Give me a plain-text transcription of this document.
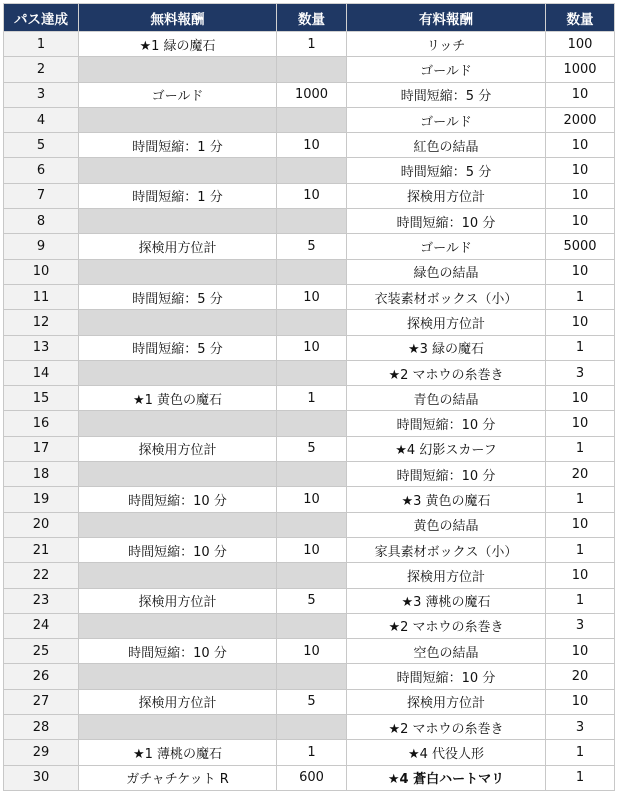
パス達成	無料報酬	数量	有料報酬	数量
1	★1 緑の魔石	1	リッチ	100
2			ゴールド	1000
3	ゴールド	1000	時間短縮：5 分	10
4			ゴールド	2000
5	時間短縮：1 分	10	紅色の結晶	10
6			時間短縮：5 分	10
7	時間短縮：1 分	10	探検用方位計	10
8			時間短縮：10 分	10
9	探検用方位計	5	ゴールド	5000
10			緑色の結晶	10
11	時間短縮：5 分	10	衣装素材ボックス（小）	1
12			探検用方位計	10
13	時間短縮：5 分	10	★3 緑の魔石	1
14			★2 マホウの糸巻き	3
15	★1 黄色の魔石	1	青色の結晶	10
16			時間短縮：10 分	10
17	探検用方位計	5	★4 幻影スカーフ	1
18			時間短縮：10 分	20
19	時間短縮：10 分	10	★3 黄色の魔石	1
20			黄色の結晶	10
21	時間短縮：10 分	10	家具素材ボックス（小）	1
22			探検用方位計	10
23	探検用方位計	5	★3 薄桃の魔石	1
24			★2 マホウの糸巻き	3
25	時間短縮：10 分	10	空色の結晶	10
26			時間短縮：10 分	20
27	探検用方位計	5	探検用方位計	10
28			★2 マホウの糸巻き	3
29	★1 薄桃の魔石	1	★4 代役人形	1
30	ガチャチケット R	600	★4 蒼白ハートマリ	1
